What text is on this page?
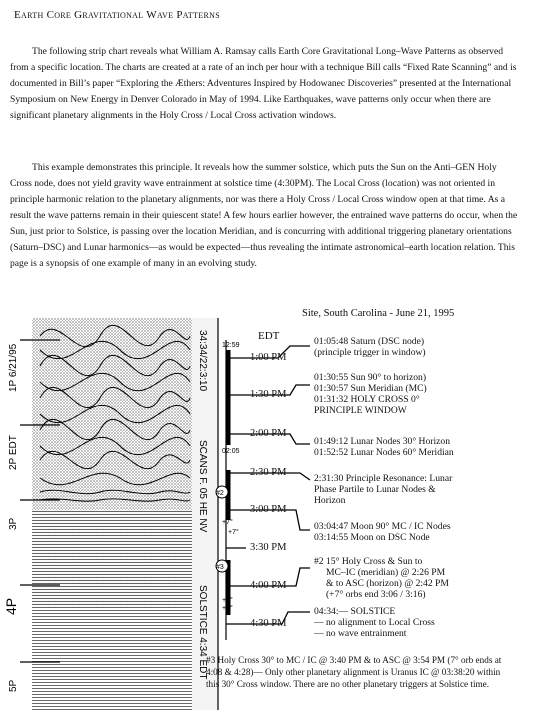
Earth Core Gravitational Wave Patterns

The following strip chart reveals what William A. Ramsay calls Earth Core Gravitational Long–Wave Patterns as observed from a specific location. The charts are created at a rate of an inch per hour with a technique Bill calls “Fixed Rate Scanning” and is documented in Bill’s paper “Exploring the Æthers: Adventures Inspired by Hodowanec Discoveries” presented at the International Symposium on New Energy in Denver Colorado in May of 1994. Like Earthquakes, wave patterns only occur when there are significant planetary alignments in the Holy Cross / Local Cross activation windows.

This example demonstrates this principle. It reveals how the summer solstice, which puts the Sun on the Anti–GEN Holy Cross node, does not yield gravity wave entrainment at solstice time (4:30PM). The Local Cross (location) was not oriented in principle harmonic relation to the planetary alignments, nor was there a Holy Cross / Local Cross window open at that time. As a result the wave patterns remain in their quiescent state! A few hours earlier however, the entrained wave patterns do occur, when the Sun, just prior to Solstice, is passing over the location Meridian, and is concurring with additional triggering planetary orientations (Saturn–DSC) and Lunar harmonics—as would be expected—thus revealing the intimate astronomical–earth location relation. This page is a synopsis of one example of many in an evolving study.

1P 6/21/95
2P EDT
3P
4P
5P
34:34/22:3:10
SCANS F. 05 HE NV
SOLSTICE 4:34 EDT
12:59
02:05
+7°
+7°
+7°
+7°
#2
#3
Site, South Carolina - June 21, 1995
EDT
1:00 PM
1:30 PM
2:00 PM
2:30 PM
3:00 PM
3:30 PM
4:00 PM
4:30 PM
01:05:48 Saturn (DSC node)
(principle trigger in window)
01:30:55 Sun 90° to horizon)
01:30:57 Sun Meridian (MC)
01:31:32 HOLY CROSS 0°
PRINCIPLE WINDOW
01:49:12 Lunar Nodes 30° Horizon
01:52:52 Lunar Nodes 60° Meridian
2:31:30 Principle Resonance: Lunar
Phase Partile to Lunar Nodes &
Horizon
03:04:47 Moon 90° MC / IC Nodes
03:14:55 Moon on DSC Node
#2 15° Holy Cross & Sun to
MC–IC (meridian) @ 2:26 PM
& to ASC (horizon) @ 2:42 PM
(+7° orbs end 3:06 / 3:16)
04:34:— SOLSTICE
— no alignment to Local Cross
— no wave entrainment
#3 Holy Cross 30° to MC / IC @ 3:40 PM & to ASC @ 3:54 PM (7° orb ends at 4:08 & 4:28)— Only other planetary alignment is Uranus IC @ 03:38:20 within this 30° Cross window. There are no other planetary triggers at Solstice time.
